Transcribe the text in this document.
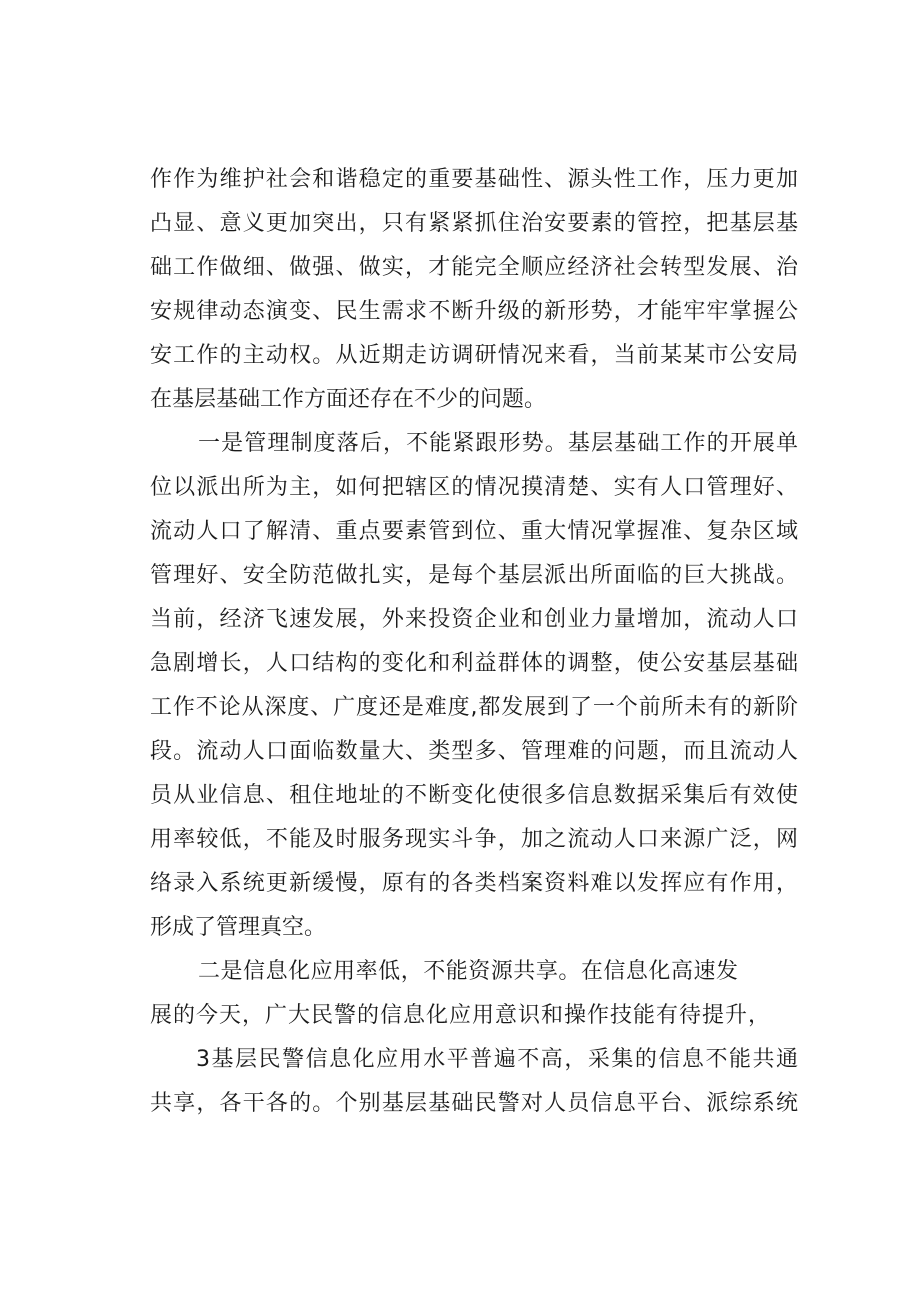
作作为维护社会和谐稳定的重要基础性、源头性工作，压力更加
凸显、意义更加突出，只有紧紧抓住治安要素的管控，把基层基
础工作做细、做强、做实，才能完全顺应经济社会转型发展、治
安规律动态演变、民生需求不断升级的新形势，才能牢牢掌握公
安工作的主动权。从近期走访调研情况来看，当前某某市公安局
在基层基础工作方面还存在不少的问题。
一是管理制度落后，不能紧跟形势。基层基础工作的开展单
位以派出所为主，如何把辖区的情况摸清楚、实有人口管理好、
流动人口了解清、重点要素管到位、重大情况掌握准、复杂区域
管理好、安全防范做扎实，是每个基层派出所面临的巨大挑战。
当前，经济飞速发展，外来投资企业和创业力量增加，流动人口
急剧增长，人口结构的变化和利益群体的调整，使公安基层基础
工作不论从深度、广度还是难度,都发展到了一个前所未有的新阶
段。流动人口面临数量大、类型多、管理难的问题，而且流动人
员从业信息、租住地址的不断变化使很多信息数据采集后有效使
用率较低，不能及时服务现实斗争，加之流动人口来源广泛，网
络录入系统更新缓慢，原有的各类档案资料难以发挥应有作用，
形成了管理真空。
二是信息化应用率低，不能资源共享。在信息化高速发
展的今天，广大民警的信息化应用意识和操作技能有待提升，
3基层民警信息化应用水平普遍不高，采集的信息不能共通
共享，各干各的。个别基层基础民警对人员信息平台、派综系统
